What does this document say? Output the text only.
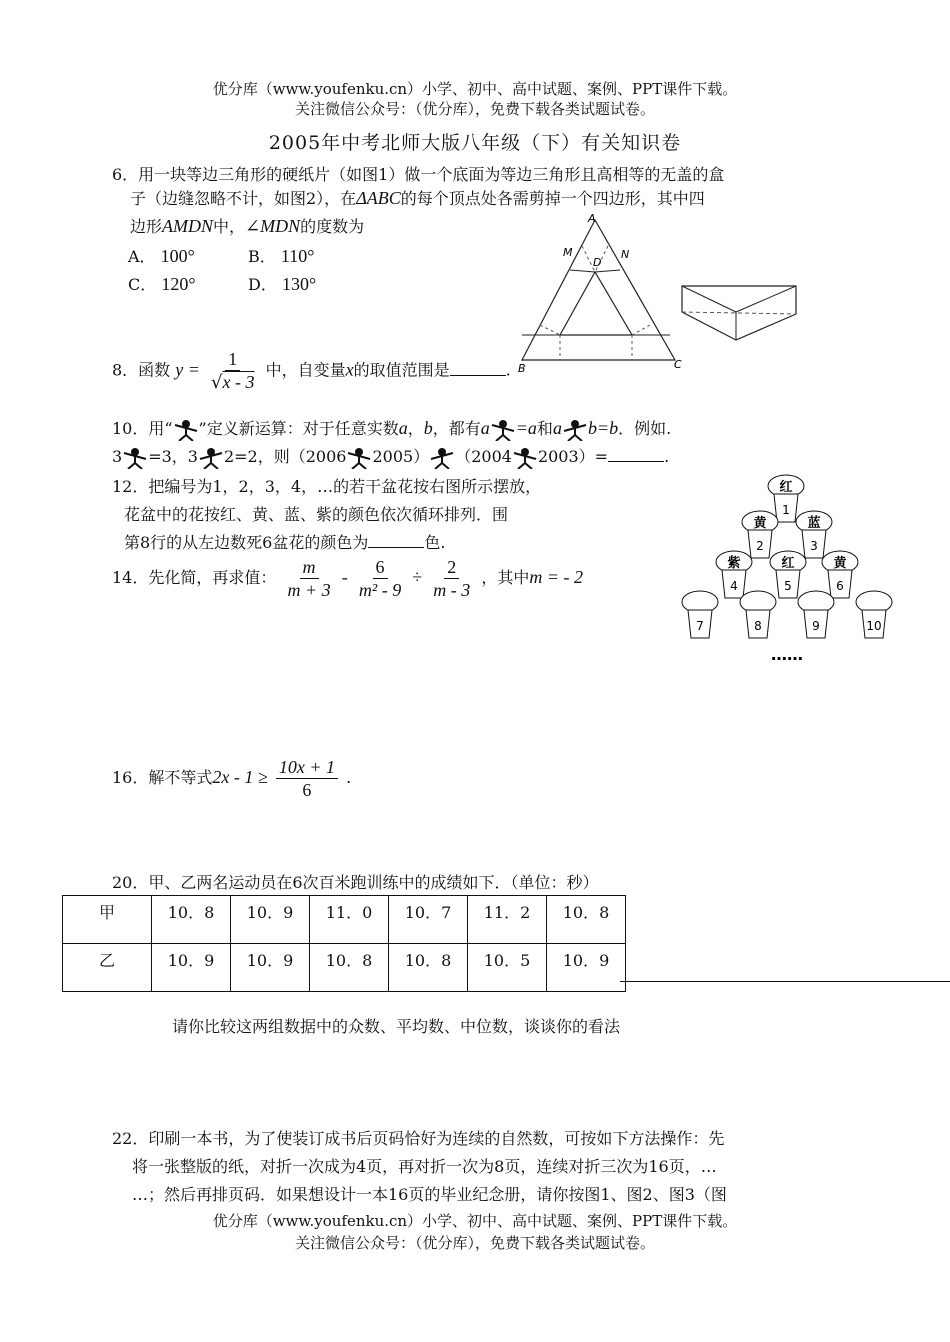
优分库（www.youfenku.cn）小学、初中、高中试题、案例、PPT课件下载。
关注微信公众号：（优分库），免费下载各类试题试卷。
2005年中考北师大版八年级（下）有关知识卷
6．用一块等边三角形的硬纸片（如图1）做一个底面为等边三角形且高相等的无盖的盒
子（边缝忽略不计，如图2），在ΔABC的每个顶点处各需剪掉一个四边形，其中四
边形AMDN中，∠MDN的度数为
A． 100°	B． 110°
C． 120°	D． 130°
A
M
D
N
B	C
8．函数 $y = \frac{1}{√x - 3}$ 中，自变量x的取值范围是	.
10．用“ ”定义新运算：对于任意实数a，b，都有a =a和a b=b．例如.
3 =3，3 2=2，则（2006 2005） （2004 2003）=	.
12．把编号为1，2，3，4，…的若干盆花按右图所示摆放，
花盆中的花按红、黄、蓝、紫的颜色依次循环排列．围
第8行的从左边数死6盆花的颜色为	色.
红
1
黄
2
蓝
3
紫
4
红
5
黄
6
7	8	9	10
……
14．先化简，再求值： $\frac{m}{m + 3} - \frac{6}{\text{m² - 9}} \div \frac{2}{m - 3}$ ，其中m = - 2
16．解不等式$2x - 1 \ge \frac{10x + 1}{6}$ .
20．甲、乙两名运动员在6次百米跑训练中的成绩如下．（单位：秒）
甲	10．8	10．9	11．0	10．7	11．2	10．8
乙	10．9	10．9	10．8	10．8	10．5	10．9
请你比较这两组数据中的众数、平均数、中位数，谈谈你的看法
22．印刷一本书，为了使装订成书后页码恰好为连续的自然数，可按如下方法操作：先
将一张整版的纸，对折一次成为4页，再对折一次为8页，连续对折三次为16页，…
…；然后再排页码．如果想设计一本16页的毕业纪念册，请你按图1、图2、图3（图
优分库（www.youfenku.cn）小学、初中、高中试题、案例、PPT课件下载。
关注微信公众号：（优分库），免费下载各类试题试卷。
